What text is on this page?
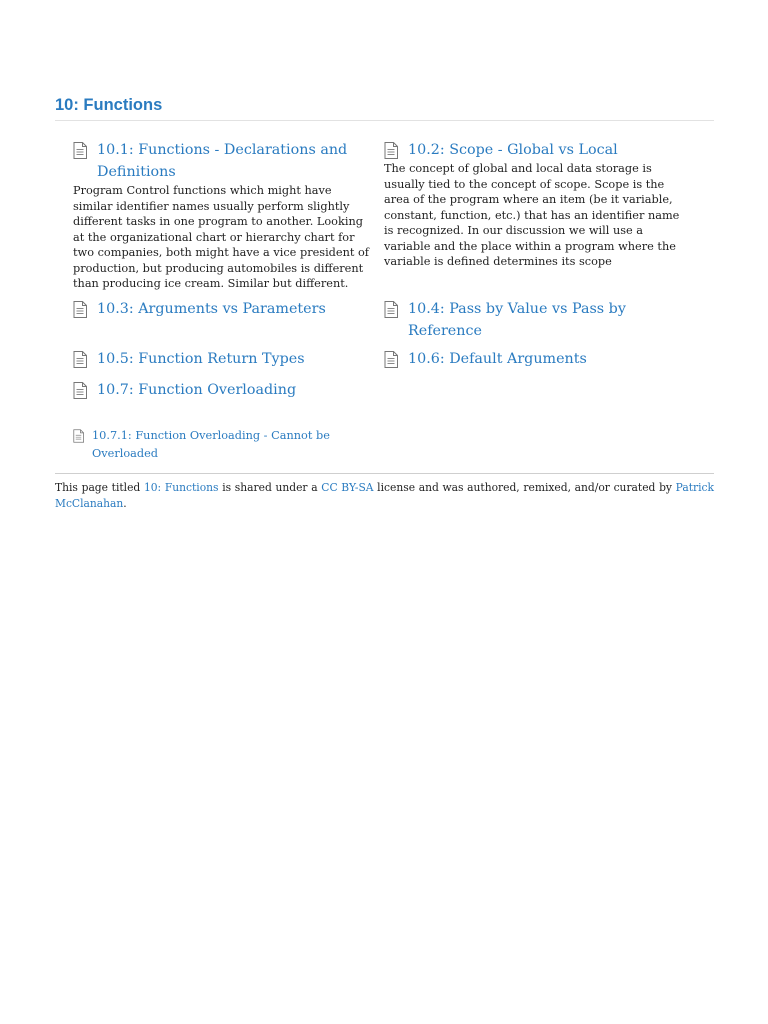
10: Functions
10.1: Functions - Declarations and Definitions

Program Control functions which might have similar identifier names usually perform slightly different tasks in one program to another. Looking at the organizational chart or hierarchy chart for two companies, both might have a vice president of production, but producing automobiles is different than producing ice cream. Similar but different.

10.2: Scope - Global vs Local

The concept of global and local data storage is usually tied to the concept of scope. Scope is the area of the program where an item (be it variable, constant, function, etc.) that has an identifier name is recognized. In our discussion we will use a variable and the place within a program where the variable is defined determines its scope

10.3: Arguments vs Parameters	10.4: Pass by Value vs Pass by Reference
10.5: Function Return Types	10.6: Default Arguments
10.7: Function Overloading
10.7.1: Function Overloading - Cannot be Overloaded
This page titled 10: Functions is shared under a CC BY-SA license and was authored, remixed, and/or curated by Patrick McClanahan.
